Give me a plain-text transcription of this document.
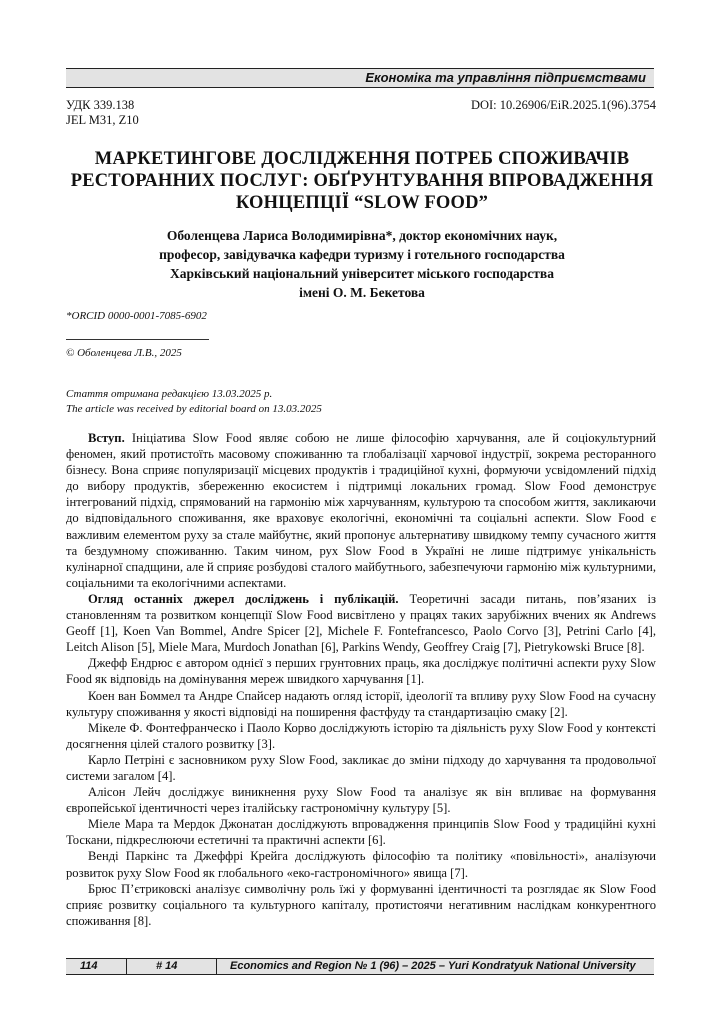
Економіка та управління підприємствами
УДК 339.138
JEL M31, Z10
DOI: 10.26906/EiR.2025.1(96).3754
МАРКЕТИНГОВЕ ДОСЛІДЖЕННЯ ПОТРЕБ СПОЖИВАЧІВ РЕСТОРАННИХ ПОСЛУГ: ОБҐРУНТУВАННЯ ВПРОВАДЖЕННЯ КОНЦЕПЦІЇ “SLOW FOOD”
Оболенцева Лариса Володимирівна*, доктор економічних наук,
професор, завідувачка кафедри туризму і готельного господарства
Харківський національний університет міського господарства
імені О. М. Бекетова
*ORCID 0000-0001-7085-6902
© Оболенцева Л.В., 2025
Стаття отримана редакцією 13.03.2025 р.
The article was received by editorial board on 13.03.2025

Вступ. Ініціатива Slow Food являє собою не лише філософію харчування, але й соціокультурний феномен, який протистоїть масовому споживанню та глобалізації харчової індустрії, зокрема ресторанного бізнесу. Вона сприяє популяризації місцевих продуктів і традиційної кухні, формуючи усвідомлений підхід до вибору продуктів, збереженню екосистем і підтримці локальних громад. Slow Food демонструє інтегрований підхід, спрямований на гармонію між харчуванням, культурою та способом життя, закликаючи до відповідального споживання, яке враховує екологічні, економічні та соціальні аспекти. Slow Food є важливим елементом руху за стале майбутнє, який пропонує альтернативу швидкому темпу сучасного життя та бездумному споживанню. Таким чином, рух Slow Food в Україні не лише підтримує унікальність кулінарної спадщини, але й сприяє розбудові сталого майбутнього, забезпечуючи гармонію між культурними, соціальними та екологічними аспектами.

Огляд останніх джерел досліджень і публікацій. Теоретичні засади питань, пов’язаних із становленням та розвитком концепції Slow Food висвітлено у працях таких зарубіжних вчених як Andrews Geoff [1], Koen Van Bommel, Andre Spicer [2], Michele F. Fontefrancesco, Paolo Corvo [3], Petrini Carlo [4], Leitch Alison [5], Miele Mara, Murdoch Jonathan [6], Parkins Wendy, Geoffrey Craig [7], Pietrykowski Bruce [8].

Джефф Ендрюс є автором однієї з перших грунтовних праць, яка досліджує політичні аспекти руху Slow Food як відповідь на домінування мереж швидкого харчування [1].

Коен ван Боммел та Андре Спайсер надають огляд історії, ідеології та впливу руху Slow Food на сучасну культуру споживання у якості відповіді на поширення фастфуду та стандартизацію смаку [2].

Мікеле Ф. Фонтефранческо і Паоло Корво досліджують історію та діяльність руху Slow Food у контексті досягнення цілей сталого розвитку [3].

Карло Петріні є засновником руху Slow Food, закликає до зміни підходу до харчування та продовольчої системи загалом [4].

Алісон Лейч досліджує виникнення руху Slow Food та аналізує як він впливає на формування європейської ідентичності через італійську гастрономічну культуру [5].

Міеле Мара та Мердок Джонатан досліджують впровадження принципів Slow Food у традиційні кухні Тоскани, підкреслюючи естетичні та практичні аспекти [6].

Венді Паркінс та Джеффрі Крейга досліджують філософію та політику «повільності», аналізуючи розвиток руху Slow Food як глобального «еко-гастрономічного» явища [7].

Брюс П’єтриковскі аналізує символічну роль їжі у формуванні ідентичності та розглядає як Slow Food сприяє розвитку соціального та культурного капіталу, протистоячи негативним наслідкам конкурентного споживання [8].

114	# 14	Economics and Region № 1 (96) – 2025 – Yuri Kondratyuk National University
